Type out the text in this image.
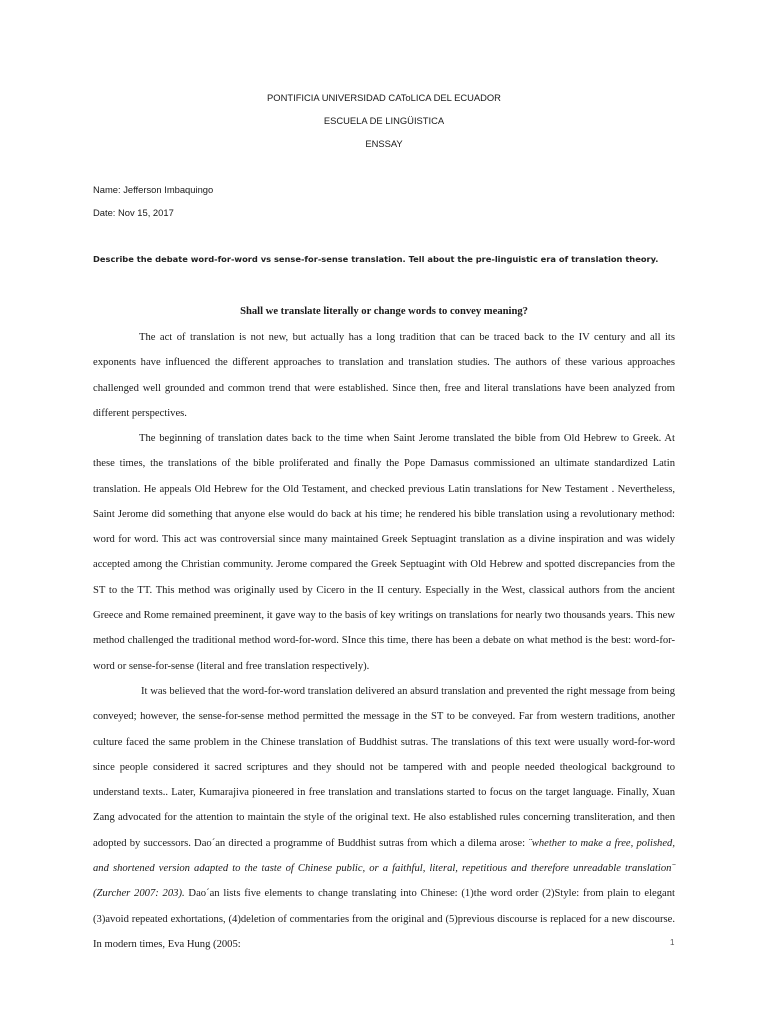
PONTIFICIA UNIVERSIDAD CAToLICA DEL ECUADOR
ESCUELA DE LINGÜISTICA
ENSSAY
Name: Jefferson Imbaquingo
Date: Nov 15, 2017
Describe the debate word-for-word vs sense-for-sense translation. Tell about the pre-linguistic era of translation theory.
Shall we translate literally or change words to convey meaning?

The act of translation is not new, but actually has a long tradition that can be traced back to the IV century and all its exponents have influenced the different approaches to translation and translation studies. The authors of these various approaches challenged well grounded and common trend that were established. Since then, free and literal translations have been analyzed from different perspectives.

The beginning of translation dates back to the time when Saint Jerome translated the bible from Old Hebrew to Greek. At these times, the translations of the bible proliferated and finally the Pope Damasus commissioned an ultimate standardized Latin translation. He appeals Old Hebrew for the Old Testament, and checked previous Latin translations for New Testament . Nevertheless, Saint Jerome did something that anyone else would do back at his time; he rendered his bible translation using a revolutionary method: word for word. This act was controversial since many maintained Greek Septuagint translation as a divine inspiration and was widely accepted among the Christian community. Jerome compared the Greek Septuagint with Old Hebrew and spotted discrepancies from the ST to the TT. This method was originally used by Cicero in the II century. Especially in the West, classical authors from the ancient Greece and Rome remained preeminent, it gave way to the basis of key writings on translations for nearly two thousands years. This new method challenged the traditional method word-for-word. SInce this time, there has been a debate on what method is the best: word-for-word or sense-for-sense (literal and free translation respectively).

It was believed that the word-for-word translation delivered an absurd translation and prevented the right message from being conveyed; however, the sense-for-sense method permitted the message in the ST to be conveyed. Far from western traditions, another culture faced the same problem in the Chinese translation of Buddhist sutras. The translations of this text were usually word-for-word since people considered it sacred scriptures and they should not be tampered with and people needed theological background to understand texts.. Later, Kumarajiva pioneered in free translation and translations started to focus on the target language. Finally, Xuan Zang advocated for the attention to maintain the style of the original text. He also established rules concerning transliteration, and then adopted by successors. Dao´an directed a programme of Buddhist sutras from which a dilema arose: ¨whether to make a free, polished, and shortened version adapted to the taste of Chinese public, or a faithful, literal, repetitious and therefore unreadable translation¨ (Zurcher 2007: 203). Dao´an lists five elements to change translating into Chinese: (1)the word order (2)Style: from plain to elegant (3)avoid repeated exhortations, (4)deletion of commentaries from the original and (5)previous discourse is replaced for a new discourse. In modern times, Eva Hung (2005:	1
